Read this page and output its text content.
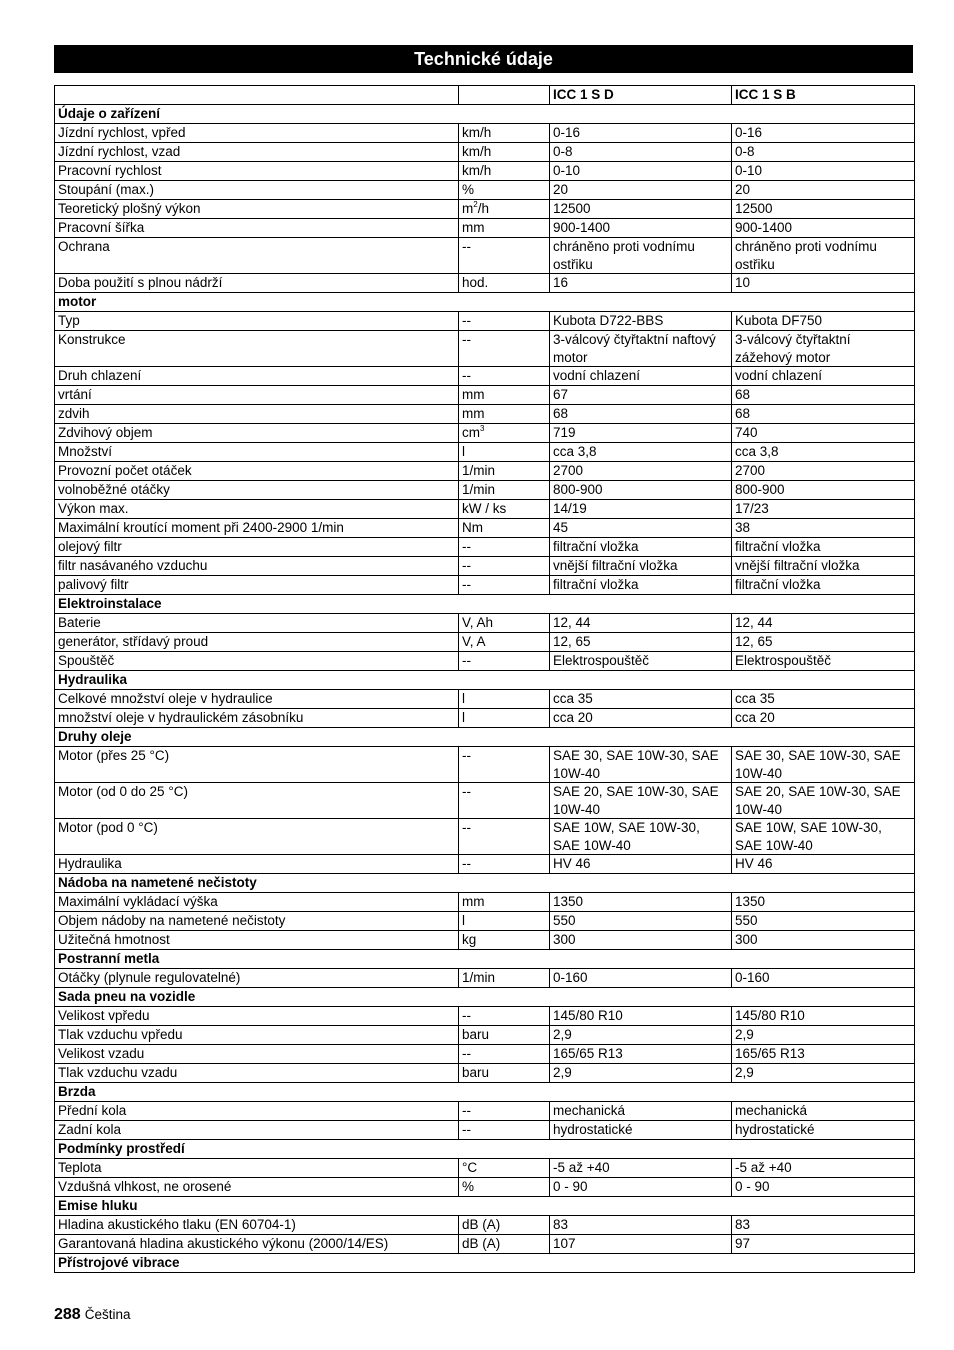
Technické údaje
		ICC 1 S D	ICC 1 S B
Údaje o zařízení			
Jízdní rychlost, vpřed	km/h	0-16	0-16
Jízdní rychlost, vzad	km/h	0-8	0-8
Pracovní rychlost	km/h	0-10	0-10
Stoupání (max.)	%	20	20
Teoretický plošný výkon	$m^2/h$	12500	12500
Pracovní šířka	mm	900-1400	900-1400
Ochrana	--	chráněno proti vodnímu ostřiku	chráněno proti vodnímu ostřiku
Doba použití s plnou nádrží	hod.	16	10
motor			
Typ	--	Kubota D722-BBS	Kubota DF750
Konstrukce	--	3-válcový čtyřtaktní naftový motor	3-válcový čtyřtaktní zážehový motor
Druh chlazení	--	vodní chlazení	vodní chlazení
vrtání	mm	67	68
zdvih	mm	68	68
Zdvihový objem	$cm^3$	719	740
Množství	l	cca 3,8	cca 3,8
Provozní počet otáček	1/min	2700	2700
volnoběžné otáčky	1/min	800-900	800-900
Výkon max.	kW / ks	14/19	17/23
Maximální kroutící moment při 2400-2900 1/min	Nm	45	38
olejový filtr	--	filtrační vložka	filtrační vložka
filtr nasávaného vzduchu	--	vnější filtrační vložka	vnější filtrační vložka
palivový filtr	--	filtrační vložka	filtrační vložka
Elektroinstalace			
Baterie	V, Ah	12, 44	12, 44
generátor, střídavý proud	V, A	12, 65	12, 65
Spouštěč	--	Elektrospouštěč	Elektrospouštěč
Hydraulika			
Celkové množství oleje v hydraulice	l	cca 35	cca 35
množství oleje v hydraulickém zásobníku	l	cca 20	cca 20
Druhy oleje			
Motor (přes 25 °C)	--	SAE 30, SAE 10W-30, SAE 10W-40	SAE 30, SAE 10W-30, SAE 10W-40
Motor (od 0 do 25 °C)	--	SAE 20, SAE 10W-30, SAE 10W-40	SAE 20, SAE 10W-30, SAE 10W-40
Motor (pod 0 °C)	--	SAE 10W, SAE 10W-30, SAE 10W-40	SAE 10W, SAE 10W-30, SAE 10W-40
Hydraulika	--	HV 46	HV 46
Nádoba na nametené nečistoty			
Maximální vykládací výška	mm	1350	1350
Objem nádoby na nametené nečistoty	l	550	550
Užitečná hmotnost	kg	300	300
Postranní metla			
Otáčky (plynule regulovatelné)	1/min	0-160	0-160
Sada pneu na vozidle			
Velikost vpředu	--	145/80 R10	145/80 R10
Tlak vzduchu vpředu	baru	2,9	2,9
Velikost vzadu	--	165/65 R13	165/65 R13
Tlak vzduchu vzadu	baru	2,9	2,9
Brzda			
Přední kola	--	mechanická	mechanická
Zadní kola	--	hydrostatické	hydrostatické
Podmínky prostředí			
Teplota	°C	-5 až +40	-5 až +40
Vzdušná vlhkost, ne orosené	%	0 - 90	0 - 90
Emise hluku			
Hladina akustického tlaku (EN 60704-1)	dB (A)	83	83
Garantovaná hladina akustického výkonu (2000/14/ES)	dB (A)	107	97
Přístrojové vibrace			
288 Čeština
